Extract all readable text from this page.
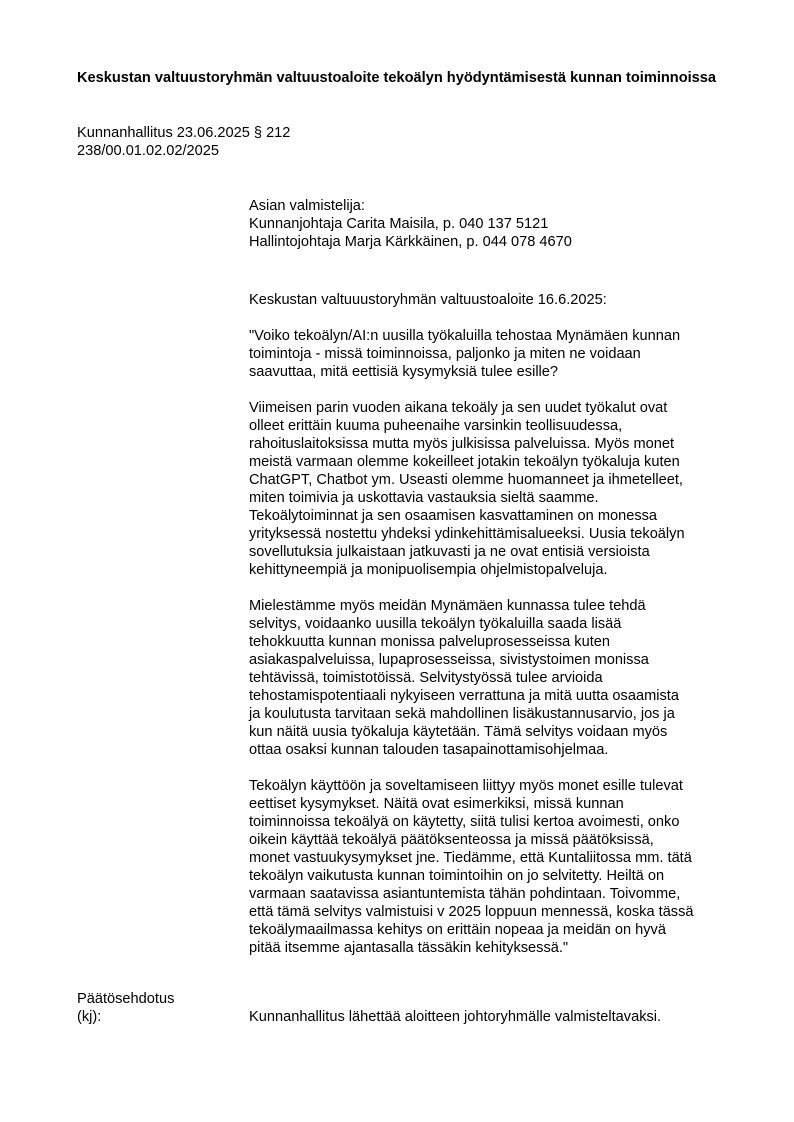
Keskustan valtuustoryhmän valtuustoaloite tekoälyn hyödyntämisestä kunnan toiminnoissa
Kunnanhallitus 23.06.2025 § 212
238/00.01.02.02/2025
Asian valmistelija:
Kunnanjohtaja Carita Maisila, p. 040 137 5121
Hallintojohtaja Marja Kärkkäinen, p. 044 078 4670

Keskustan valtuuustoryhmän valtuustoaloite 16.6.2025:

"Voiko tekoälyn/AI:n uusilla työkaluilla tehostaa Mynämäen kunnan
toimintoja - missä toiminnoissa, paljonko ja miten ne voidaan
saavuttaa, mitä eettisiä kysymyksiä tulee esille?

Viimeisen parin vuoden aikana tekoäly ja sen uudet työkalut ovat
olleet erittäin kuuma puheenaihe varsinkin teollisuudessa,
rahoituslaitoksissa mutta myös julkisissa palveluissa. Myös monet
meistä varmaan olemme kokeilleet jotakin tekoälyn työkaluja kuten
ChatGPT, Chatbot ym. Useasti olemme huomanneet ja ihmetelleet,
miten toimivia ja uskottavia vastauksia sieltä saamme.
Tekoälytoiminnat ja sen osaamisen kasvattaminen on monessa
yrityksessä nostettu yhdeksi ydinkehittämisalueeksi. Uusia tekoälyn
sovellutuksia julkaistaan jatkuvasti ja ne ovat entisiä versioista
kehittyneempiä ja monipuolisempia ohjelmistopalveluja.

Mielestämme myös meidän Mynämäen kunnassa tulee tehdä
selvitys, voidaanko uusilla tekoälyn työkaluilla saada lisää
tehokkuutta kunnan monissa palveluprosesseissa kuten
asiakaspalveluissa, lupaprosesseissa, sivistystoimen monissa
tehtävissä, toimistotöissä. Selvitystyössä tulee arvioida
tehostamispotentiaali nykyiseen verrattuna ja mitä uutta osaamista
ja koulutusta tarvitaan sekä mahdollinen lisäkustannusarvio, jos ja
kun näitä uusia työkaluja käytetään. Tämä selvitys voidaan myös
ottaa osaksi kunnan talouden tasapainottamisohjelmaa.

Tekoälyn käyttöön ja soveltamiseen liittyy myös monet esille tulevat
eettiset kysymykset. Näitä ovat esimerkiksi, missä kunnan
toiminnoissa tekoälyä on käytetty, siitä tulisi kertoa avoimesti, onko
oikein käyttää tekoälyä päätöksenteossa ja missä päätöksissä,
monet vastuukysymykset jne. Tiedämme, että Kuntaliitossa mm. tätä
tekoälyn vaikutusta kunnan toimintoihin on jo selvitetty. Heiltä on
varmaan saatavissa asiantuntemista tähän pohdintaan. Toivomme,
että tämä selvitys valmistuisi v 2025 loppuun mennessä, koska tässä
tekoälymaailmassa kehitys on erittäin nopeaa ja meidän on hyvä
pitää itsemme ajantasalla tässäkin kehityksessä."

Päätösehdotus
(kj):	Kunnanhallitus lähettää aloitteen johtoryhmälle valmisteltavaksi.
